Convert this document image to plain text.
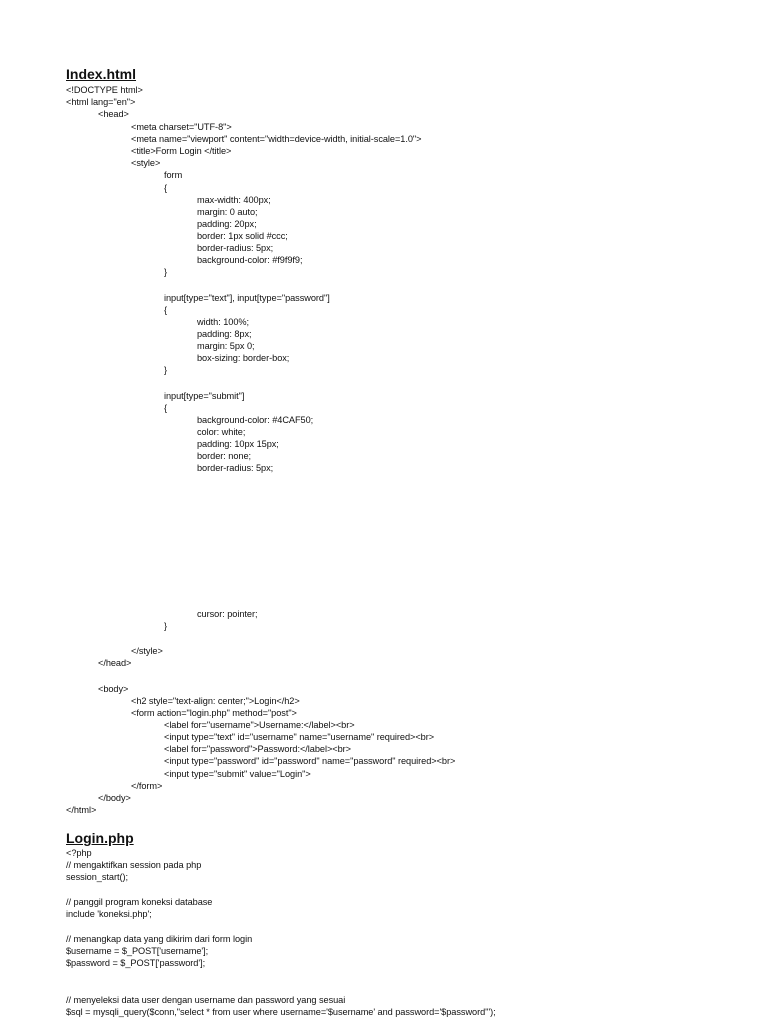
Index.html
<!DOCTYPE html>
<html lang="en">
<head>
<meta charset="UTF-8">
<meta name="viewport" content="width=device-width, initial-scale=1.0">
<title>Form Login </title>
<style>
form
{
max-width: 400px;
margin: 0 auto;
padding: 20px;
border: 1px solid #ccc;
border-radius: 5px;
background-color: #f9f9f9;
}
input[type="text"], input[type="password"]
{
width: 100%;
padding: 8px;
margin: 5px 0;
box-sizing: border-box;
}
input[type="submit"]
{
background-color: #4CAF50;
color: white;
padding: 10px 15px;
border: none;
border-radius: 5px;
cursor: pointer;
}
</style>
</head>
<body>
<h2 style="text-align: center;">Login</h2>
<form action="login.php" method="post">
<label for="username">Username:</label><br>
<input type="text" id="username" name="username" required><br>
<label for="password">Password:</label><br>
<input type="password" id="password" name="password" required><br>
<input type="submit" value="Login">
</form>
</body>
</html>
Login.php
<?php
// mengaktifkan session pada php
session_start();
// panggil program koneksi database
include 'koneksi.php';
// menangkap data yang dikirim dari form login
$username = $_POST['username'];
$password = $_POST['password'];
// menyeleksi data user dengan username dan password yang sesuai
$sql = mysqli_query($conn,"select * from user where username='$username' and password='$password'");
